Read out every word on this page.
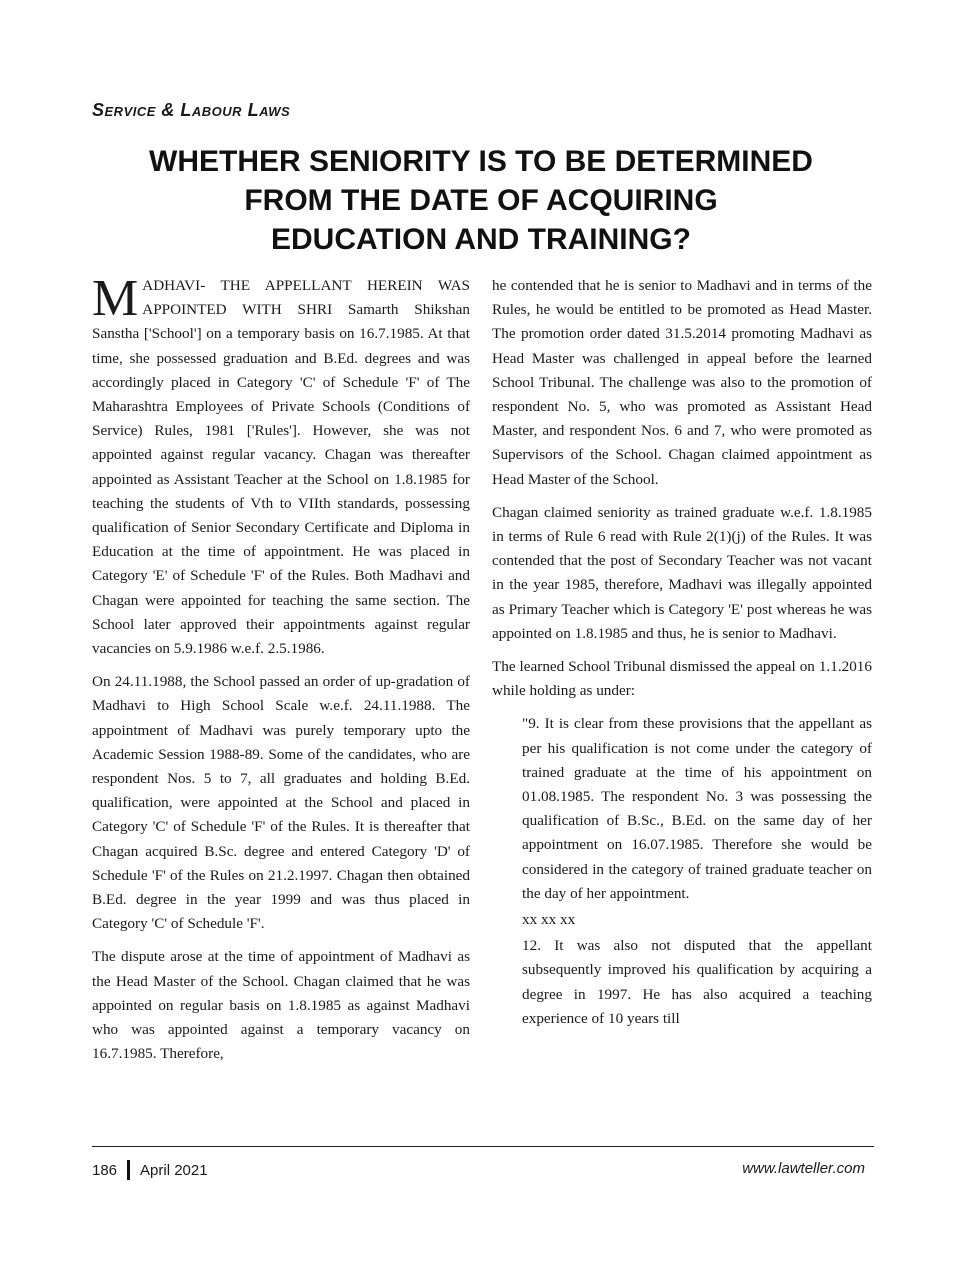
Service & Labour Laws
WHETHER SENIORITY IS TO BE DETERMINED
FROM THE DATE OF ACQUIRING
EDUCATION AND TRAINING?

MADHAVI- THE APPELLANT HEREIN WAS APPOINTED WITH SHRI Samarth Shikshan Sanstha ['School'] on a temporary basis on 16.7.1985. At that time, she possessed graduation and B.Ed. degrees and was accordingly placed in Category 'C' of Schedule 'F' of The Maharashtra Employees of Private Schools (Conditions of Service) Rules, 1981 ['Rules']. However, she was not appointed against regular vacancy. Chagan was thereafter appointed as Assistant Teacher at the School on 1.8.1985 for teaching the students of Vth to VIIth standards, possessing qualification of Senior Secondary Certificate and Diploma in Education at the time of appointment. He was placed in Category 'E' of Schedule 'F' of the Rules. Both Madhavi and Chagan were appointed for teaching the same section. The School later approved their appointments against regular vacancies on 5.9.1986 w.e.f. 2.5.1986.

On 24.11.1988, the School passed an order of up-gradation of Madhavi to High School Scale w.e.f. 24.11.1988. The appointment of Madhavi was purely temporary upto the Academic Session 1988-89. Some of the candidates, who are respondent Nos. 5 to 7, all graduates and holding B.Ed. qualification, were appointed at the School and placed in Category 'C' of Schedule 'F' of the Rules. It is thereafter that Chagan acquired B.Sc. degree and entered Category 'D' of Schedule 'F' of the Rules on 21.2.1997. Chagan then obtained B.Ed. degree in the year 1999 and was thus placed in Category 'C' of Schedule 'F'.

The dispute arose at the time of appointment of Madhavi as the Head Master of the School. Chagan claimed that he was appointed on regular basis on 1.8.1985 as against Madhavi who was appointed against a temporary vacancy on 16.7.1985. Therefore,

he contended that he is senior to Madhavi and in terms of the Rules, he would be entitled to be promoted as Head Master. The promotion order dated 31.5.2014 promoting Madhavi as Head Master was challenged in appeal before the learned School Tribunal. The challenge was also to the promotion of respondent No. 5, who was promoted as Assistant Head Master, and respondent Nos. 6 and 7, who were promoted as Supervisors of the School. Chagan claimed appointment as Head Master of the School.

Chagan claimed seniority as trained graduate w.e.f. 1.8.1985 in terms of Rule 6 read with Rule 2(1)(j) of the Rules. It was contended that the post of Secondary Teacher was not vacant in the year 1985, therefore, Madhavi was illegally appointed as Primary Teacher which is Category 'E' post whereas he was appointed on 1.8.1985 and thus, he is senior to Madhavi.

The learned School Tribunal dismissed the appeal on 1.1.2016 while holding as under:

"9. It is clear from these provisions that the appellant as per his qualification is not come under the category of trained graduate at the time of his appointment on 01.08.1985. The respondent No. 3 was possessing the qualification of B.Sc., B.Ed. on the same day of her appointment on 16.07.1985. Therefore she would be considered in the category of trained graduate teacher on the day of her appointment.

xx xx xx

12. It was also not disputed that the appellant subsequently improved his qualification by acquiring a degree in 1997. He has also acquired a teaching experience of 10 years till

186 April 2021	www.lawteller.com
